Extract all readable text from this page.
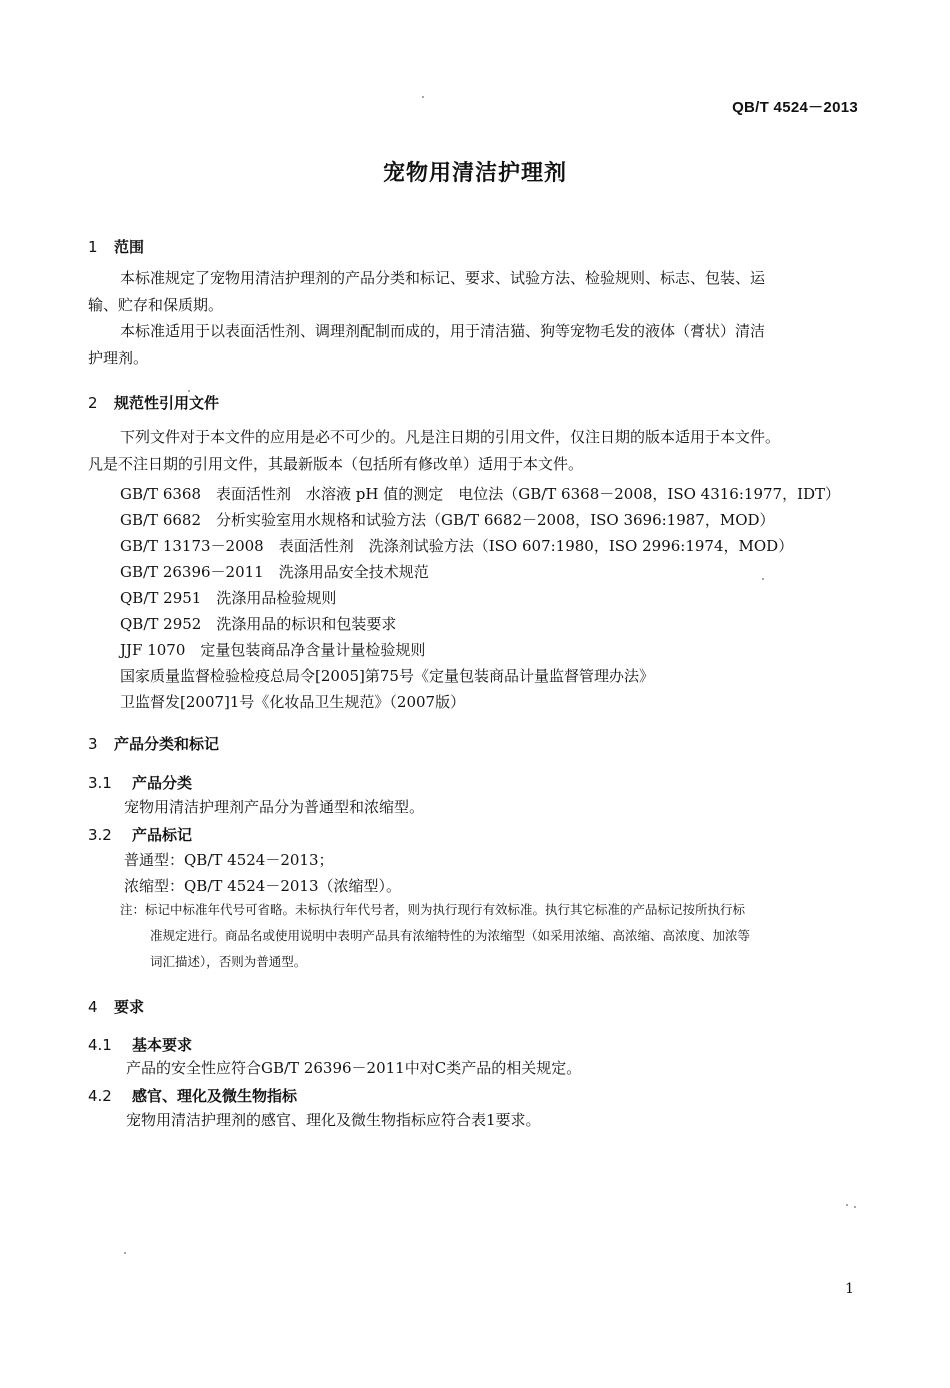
QB/T 4524－2013
宠物用清洁护理剂
1 范围
本标准规定了宠物用清洁护理剂的产品分类和标记、要求、试验方法、检验规则、标志、包装、运
输、贮存和保质期。
本标准适用于以表面活性剂、调理剂配制而成的，用于清洁猫、狗等宠物毛发的液体（膏状）清洁
护理剂。
2 规范性引用文件
下列文件对于本文件的应用是必不可少的。凡是注日期的引用文件，仅注日期的版本适用于本文件。
凡是不注日期的引用文件，其最新版本（包括所有修改单）适用于本文件。
GB/T 6368　表面活性剂　水溶液 pH 值的测定　电位法（GB/T 6368－2008，ISO 4316:1977，IDT）
GB/T 6682　分析实验室用水规格和试验方法（GB/T 6682－2008，ISO 3696:1987，MOD）
GB/T 13173－2008　表面活性剂　洗涤剂试验方法（ISO 607:1980，ISO 2996:1974，MOD）
GB/T 26396－2011　洗涤用品安全技术规范
QB/T 2951　洗涤用品检验规则
QB/T 2952　洗涤用品的标识和包装要求
JJF 1070　定量包装商品净含量计量检验规则
国家质量监督检验检疫总局令[2005]第75号《定量包装商品计量监督管理办法》
卫监督发[2007]1号《化妆品卫生规范》（2007版）
3 产品分类和标记
3.1 产品分类
宠物用清洁护理剂产品分为普通型和浓缩型。
3.2 产品标记
普通型：QB/T 4524－2013；
浓缩型：QB/T 4524－2013（浓缩型）。
注：标记中标准年代号可省略。未标执行年代号者，则为执行现行有效标准。执行其它标准的产品标记按所执行标
准规定进行。商品名或使用说明中表明产品具有浓缩特性的为浓缩型（如采用浓缩、高浓缩、高浓度、加浓等
词汇描述），否则为普通型。
4 要求
4.1 基本要求
产品的安全性应符合GB/T 26396－2011中对C类产品的相关规定。
4.2 感官、理化及微生物指标
宠物用清洁护理剂的感官、理化及微生物指标应符合表1要求。
1
